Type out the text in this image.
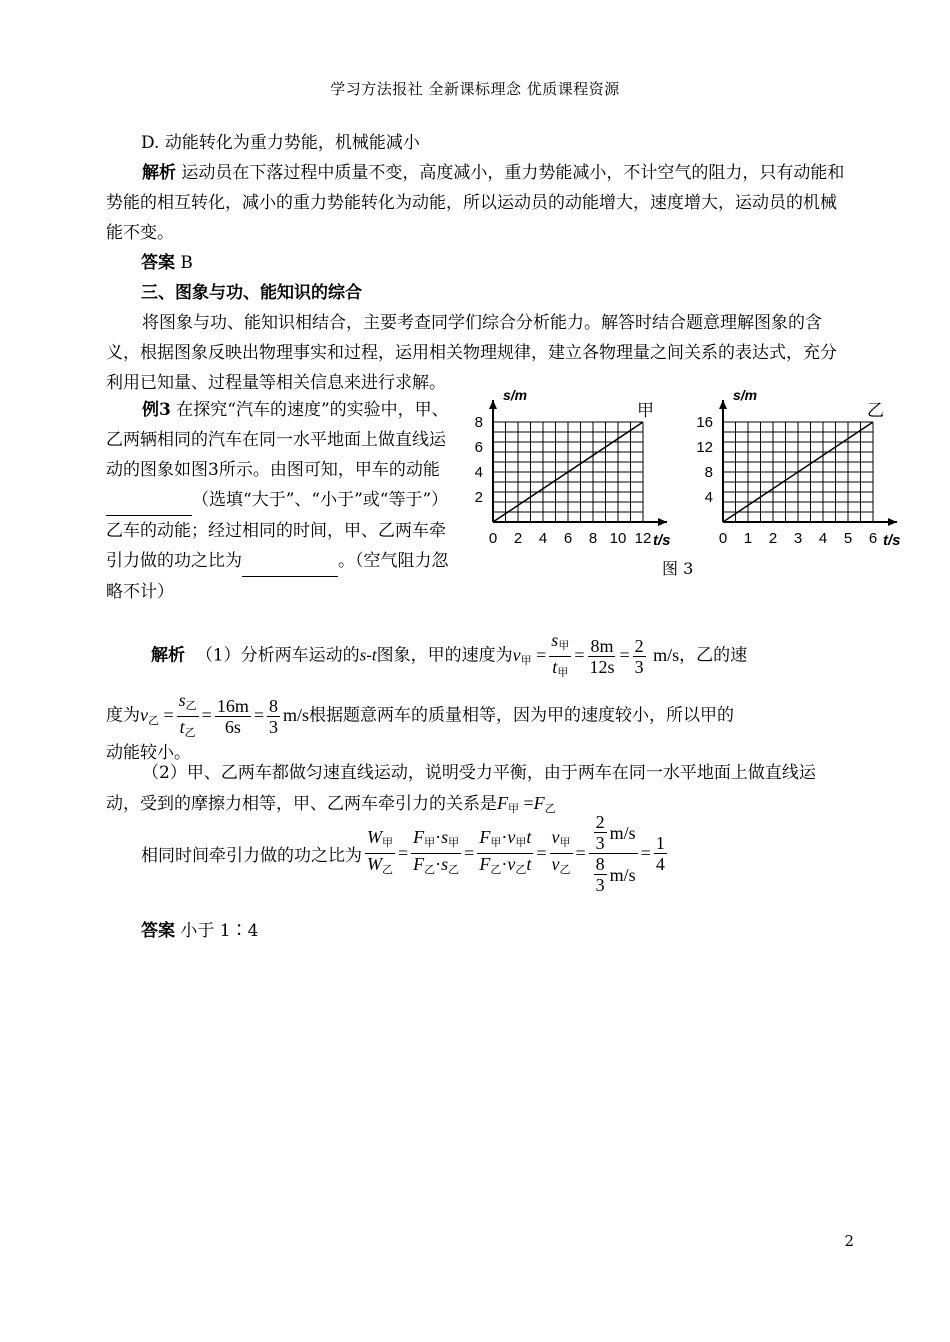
学习方法报社 全新课标理念 优质课程资源
D. 动能转化为重力势能，机械能减小
解析 运动员在下落过程中质量不变，高度减小，重力势能减小，不计空气的阻力，只有动能和势能的相互转化，减小的重力势能转化为动能，所以运动员的动能增大，速度增大，运动员的机械能不变。
答案 B
三、图象与功、能知识的综合
将图象与功、能知识相结合，主要考查同学们综合分析能力。解答时结合题意理解图象的含义，根据图象反映出物理事实和过程，运用相关物理规律，建立各物理量之间关系的表达式，充分利用已知量、过程量等相关信息来进行求解。
例3 在探究“汽车的速度”的实验中，甲、乙两辆相同的汽车在同一水平地面上做直线运动的图象如图3所示。由图可知，甲车的动能 （选填“大于”、“小于”或“等于”）乙车的动能；经过相同的时间，甲、乙两车牵引力做的功之比为	。（空气阻力忽略不计）
0 2 4 6 8 10 12
2
4
6
8
s/m
t/s
甲
0 1 2 3 4 5 6
4
8
12
16
s/m
t/s
乙
图 3
解析 （1）分析两车运动的s-t图象，甲的速度为$v_甲 = \frac{s_甲}{t_甲} = \frac{8m}{12s} = \frac{2}{3} m/s$，乙的速
度为$v_乙 = \frac{s_乙}{t_乙} = \frac{16m}{6s} = \frac{8}{3} m/s$根据题意两车的质量相等，因为甲的速度较小，所以甲的
动能较小。
（2）甲、乙两车都做匀速直线运动，说明受力平衡，由于两车在同一水平地面上做直线运动，受到的摩擦力相等，甲、乙两车牵引力的关系是$F_甲 =F_乙$
相同时间牵引力做的功之比为 $\frac{W_甲}{W_乙} = \frac{F_甲\cdot s_甲}{F_乙\cdot s_乙} = \frac{F_甲\cdot v_甲t}{F_乙\cdot v_乙t} = \frac{v_甲}{v_乙} = \frac{\frac{2}{3} m/s}{\frac{8}{3} m/s} = \frac{1}{4}$
答案 小于 1∶4
2
